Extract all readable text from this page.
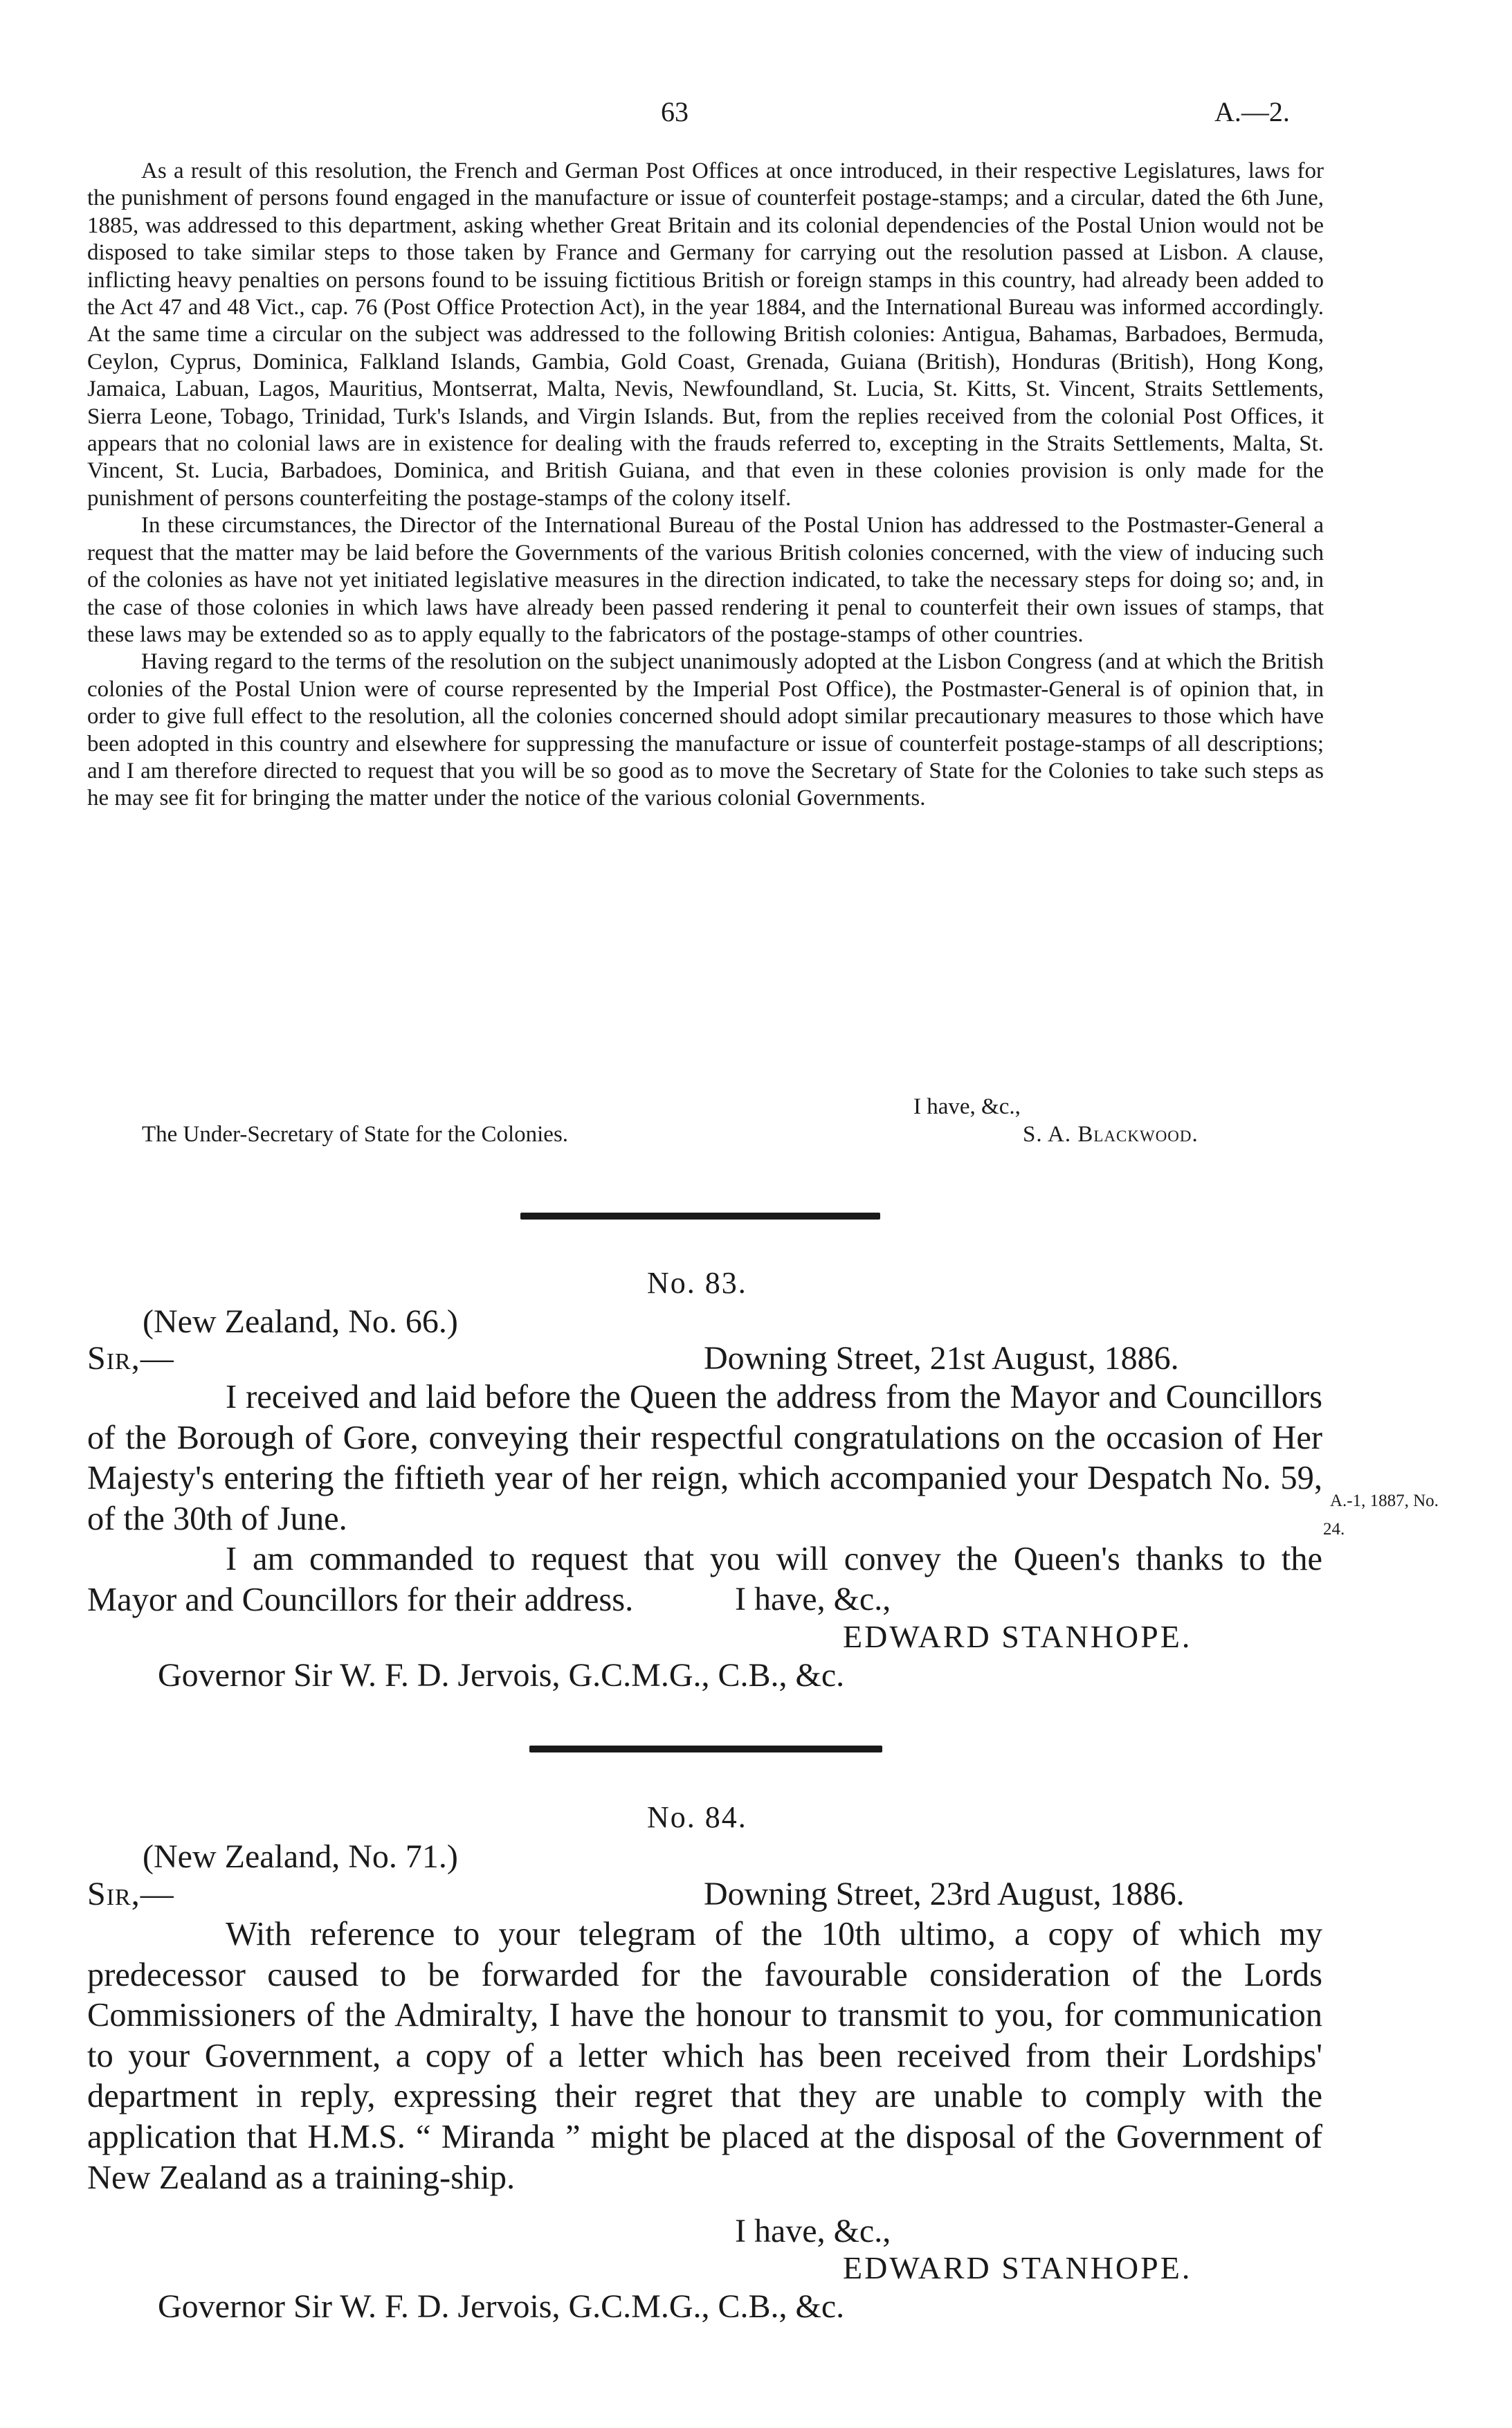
63	A.—2.

As a result of this resolution, the French and German Post Offices at once introduced, in their respective Legislatures, laws for the punishment of persons found engaged in the manufacture or issue of counterfeit postage-stamps; and a circular, dated the 6th June, 1885, was addressed to this department, asking whether Great Britain and its colonial dependencies of the Postal Union would not be disposed to take similar steps to those taken by France and Germany for carrying out the resolution passed at Lisbon. A clause, inflicting heavy penalties on persons found to be issuing fictitious British or foreign stamps in this country, had already been added to the Act 47 and 48 Vict., cap. 76 (Post Office Protection Act), in the year 1884, and the International Bureau was informed accordingly. At the same time a circular on the subject was addressed to the following British colonies: Antigua, Bahamas, Barbadoes, Bermuda, Ceylon, Cyprus, Dominica, Falkland Islands, Gambia, Gold Coast, Grenada, Guiana (British), Honduras (British), Hong Kong, Jamaica, Labuan, Lagos, Mauritius, Montserrat, Malta, Nevis, Newfoundland, St. Lucia, St. Kitts, St. Vincent, Straits Settlements, Sierra Leone, Tobago, Trinidad, Turk's Islands, and Virgin Islands. But, from the replies received from the colonial Post Offices, it appears that no colonial laws are in existence for dealing with the frauds referred to, excepting in the Straits Settlements, Malta, St. Vincent, St. Lucia, Barbadoes, Dominica, and British Guiana, and that even in these colonies provision is only made for the punishment of persons counterfeiting the postage-stamps of the colony itself.

In these circumstances, the Director of the International Bureau of the Postal Union has addressed to the Postmaster-General a request that the matter may be laid before the Governments of the various British colonies concerned, with the view of inducing such of the colonies as have not yet initiated legislative measures in the direction indicated, to take the necessary steps for doing so; and, in the case of those colonies in which laws have already been passed rendering it penal to counterfeit their own issues of stamps, that these laws may be extended so as to apply equally to the fabricators of the postage-stamps of other countries.

Having regard to the terms of the resolution on the subject unanimously adopted at the Lisbon Congress (and at which the British colonies of the Postal Union were of course represented by the Imperial Post Office), the Postmaster-General is of opinion that, in order to give full effect to the resolution, all the colonies concerned should adopt similar precautionary measures to those which have been adopted in this country and elsewhere for suppressing the manufacture or issue of counterfeit postage-stamps of all descriptions; and I am therefore directed to request that you will be so good as to move the Secretary of State for the Colonies to take such steps as he may see fit for bringing the matter under the notice of the various colonial Governments.

I have, &c.,
The Under-Secretary of State for the Colonies.	S. A. Blackwood.
No. 83.
(New Zealand, No. 66.)
Sir,—	Downing Street, 21st August, 1886.

I received and laid before the Queen the address from the Mayor and Councillors of the Borough of Gore, conveying their respectful congratulations on the occasion of Her Majesty's entering the fiftieth year of her reign, which accompanied your Despatch No. 59, of the 30th of June.

I am commanded to request that you will convey the Queen's thanks to the Mayor and Councillors for their address.

A.-1, 1887, No.
24.
I have, &c.,
EDWARD STANHOPE.
Governor Sir W. F. D. Jervois, G.C.M.G., C.B., &c.
No. 84.
(New Zealand, No. 71.)
Sir,—	Downing Street, 23rd August, 1886.

With reference to your telegram of the 10th ultimo, a copy of which my predecessor caused to be forwarded for the favourable consideration of the Lords Commissioners of the Admiralty, I have the honour to transmit to you, for communication to your Government, a copy of a letter which has been received from their Lordships' department in reply, expressing their regret that they are unable to comply with the application that H.M.S. “ Miranda ” might be placed at the disposal of the Government of New Zealand as a training-ship.

I have, &c.,
EDWARD STANHOPE.
Governor Sir W. F. D. Jervois, G.C.M.G., C.B., &c.
